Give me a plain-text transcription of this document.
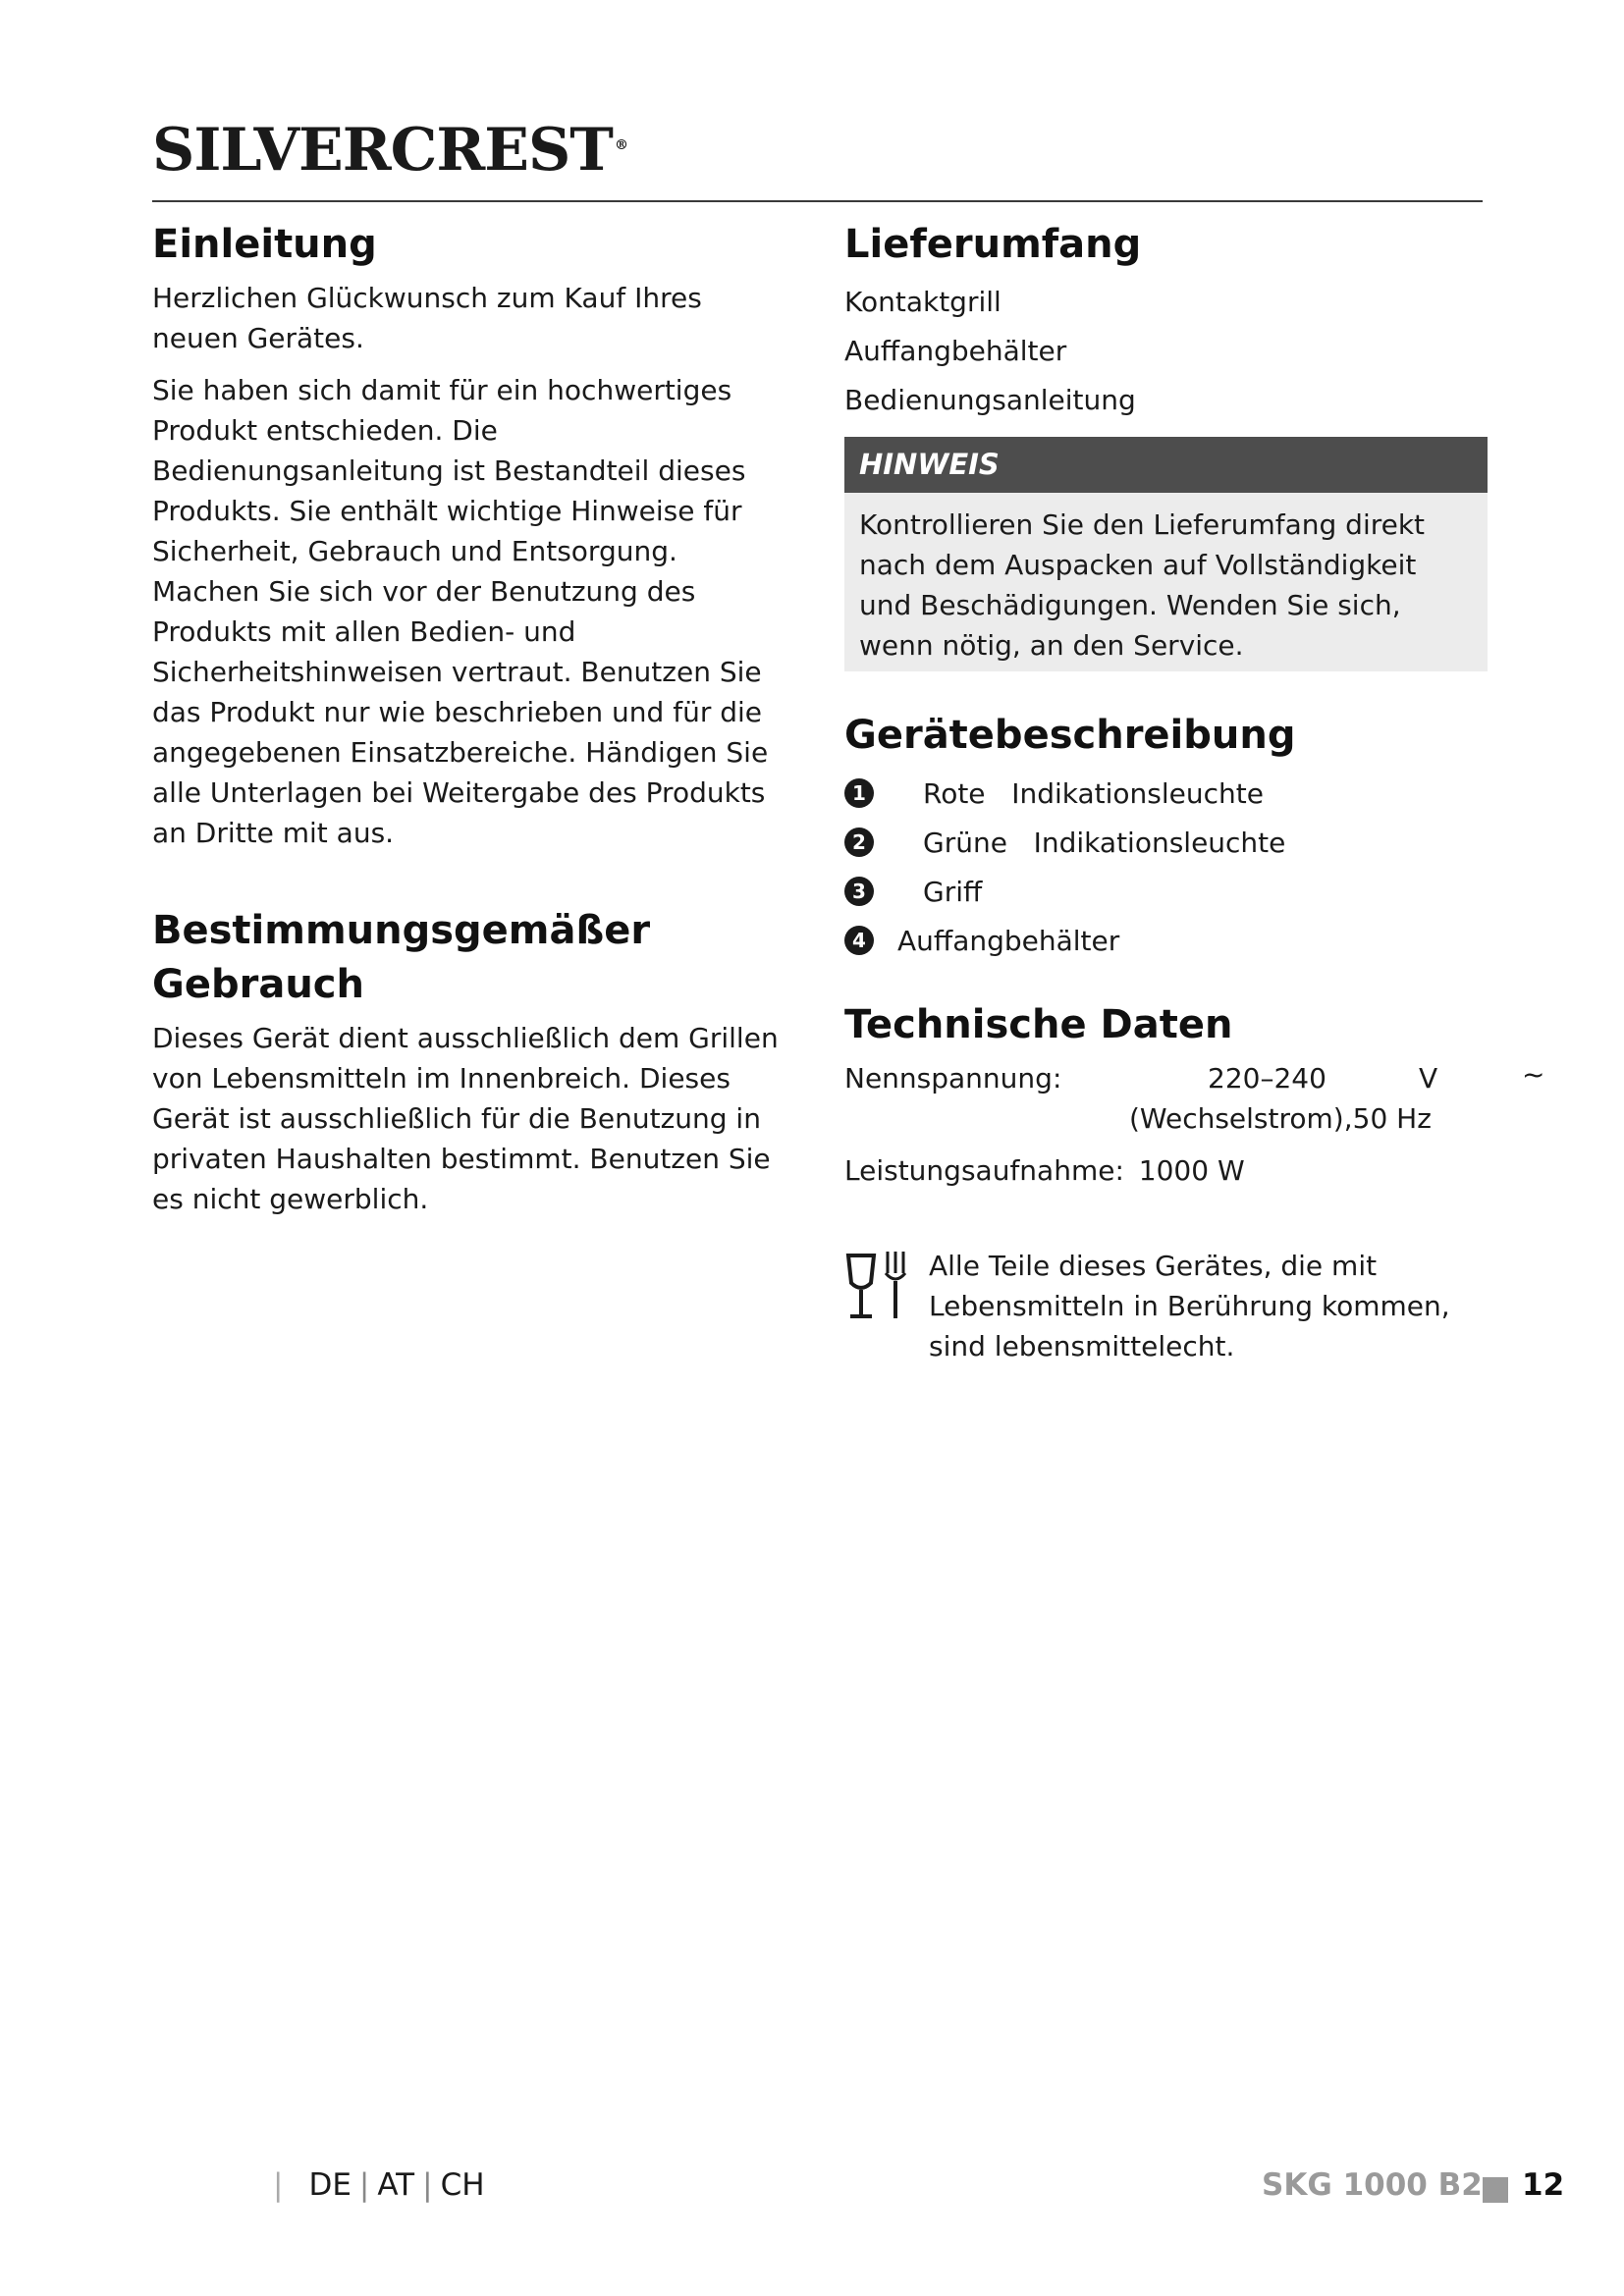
SILVERCREST ®
Einleitung

Herzlichen Glückwunsch zum Kauf Ihres neuen Gerätes.

Sie haben sich damit für ein hochwertiges Produkt entschieden. Die Bedienungsanleitung ist Bestandteil dieses Produkts. Sie enthält wichtige Hinweise für Sicherheit, Gebrauch und Entsorgung. Machen Sie sich vor der Benutzung des Produkts mit allen Bedien- und Sicherheitshinweisen vertraut. Benutzen Sie das Produkt nur wie beschrieben und für die angegebenen Einsatzbereiche. Händigen Sie alle Unterlagen bei Weitergabe des Produkts an Dritte mit aus.

Bestimmungsgemäßer
Gebrauch

Dieses Gerät dient ausschließlich dem Grillen von Lebensmitteln im Innenbreich. Dieses Gerät ist ausschließlich für die Benutzung in privaten Haushalten bestimmt. Benutzen Sie es nicht gewerblich.

Lieferumfang
Kontaktgrill
Auffangbehälter
Bedienungsanleitung
HINWEIS
Kontrollieren Sie den Lieferumfang direkt nach dem Auspacken auf Vollständigkeit und Beschädigungen. Wenden Sie sich, wenn nötig, an den Service.
Gerätebeschreibung
1 Rote   Indikationsleuchte
2 Grüne   Indikationsleuchte
3 Griff
4 Auffangbehälter
Technische Daten
Nennspannung:	220–240	V	~
(Wechselstrom),50 Hz
Leistungsaufnahme: 1000 W
Alle Teile dieses Gerätes, die mit Lebensmitteln in Berührung kommen, sind lebensmittelecht.
| DE | AT | CH	SKG 1000 B2 12
